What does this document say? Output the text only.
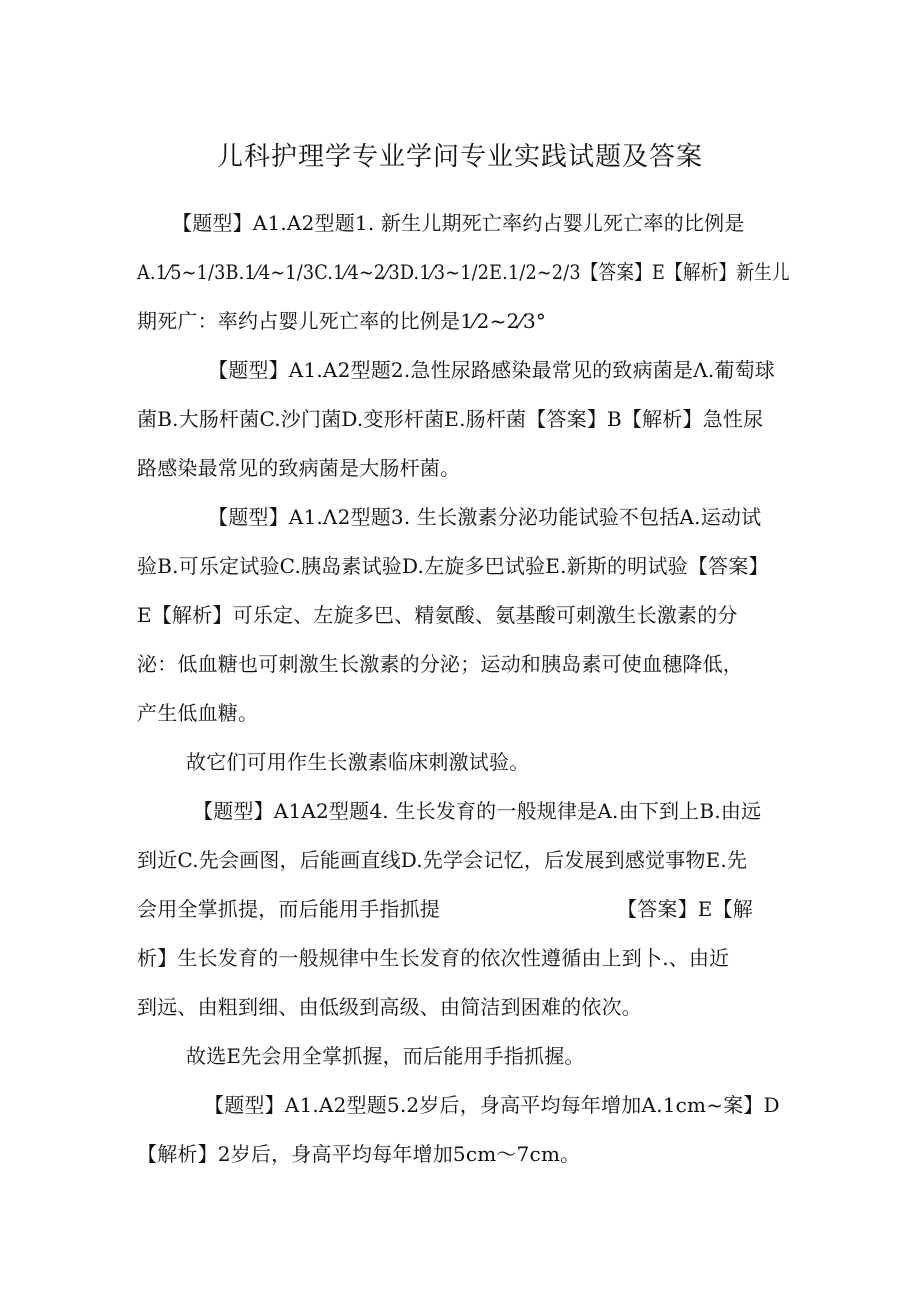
儿科护理学专业学问专业实践试题及答案
【题型】A1.A2型题1. 新生儿期死亡率约占婴儿死亡率的比例是
A.1⁄5~1/3B.1⁄4~1/3C.1⁄4~2⁄3D.1⁄3~1/2E.1/2~2/3【答案】E【解析】新生儿
期死广：率约占婴儿死亡率的比例是1⁄2~2⁄3°
【题型】A1.A2型题2.急性尿路感染最常见的致病菌是Λ.葡萄球
菌B.大肠杆菌C.沙门菌D.变形杆菌E.肠杆菌【答案】B【解析】急性尿
路感染最常见的致病菌是大肠杆菌。
【题型】A1.Λ2型题3. 生长激素分泌功能试验不包括A.运动试
验B.可乐定试验C.胰岛素试验D.左旋多巴试验E.新斯的明试验【答案】
E【解析】可乐定、左旋多巴、精氨酸、氨基酸可刺激生长激素的分
泌：低血糖也可刺激生长激素的分泌；运动和胰岛素可使血穗降低，
产生低血糖。
故它们可用作生长激素临床刺激试验。
【题型】A1A2型题4. 生长发育的一般规律是A.由下到上B.由远
到近C.先会画图，后能画直线D.先学会记忆，后发展到感觉事物E.先
会用全掌抓提，而后能用手指抓提	【答案】E【解
析】生长发育的一般规律中生长发育的依次性遵循由上到卜.、由近
到远、由粗到细、由低级到高级、由简洁到困难的依次。
故选E先会用全掌抓握，而后能用手指抓握。
【题型】A1.A2型题5.2岁后，身高平均每年增加A.1cm~案】D
【解析】2岁后，身高平均每年增加5cm～7cm。
